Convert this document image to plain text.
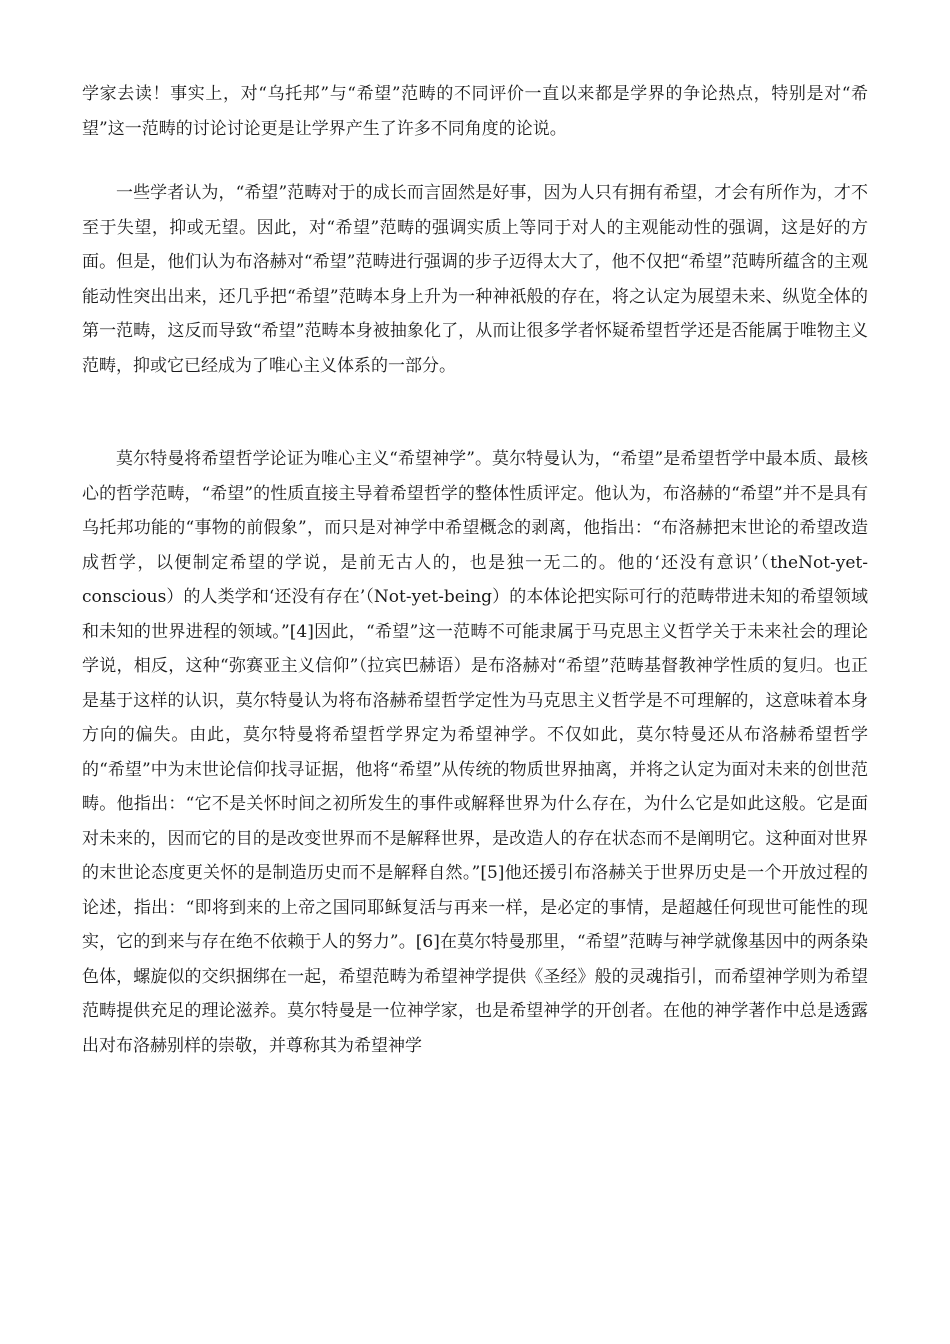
学家去读！事实上，对“乌托邦”与“希望”范畴的不同评价一直以来都是学界的争论热点，特别是对“希望”这一范畴的讨论讨论更是让学界产生了许多不同角度的论说。

一些学者认为，“希望”范畴对于的成长而言固然是好事，因为人只有拥有希望，才会有所作为，才不至于失望，抑或无望。因此，对“希望”范畴的强调实质上等同于对人的主观能动性的强调，这是好的方面。但是，他们认为布洛赫对“希望”范畴进行强调的步子迈得太大了，他不仅把“希望”范畴所蕴含的主观能动性突出出来，还几乎把“希望”范畴本身上升为一种神祇般的存在，将之认定为展望未来、纵览全体的第一范畴，这反而导致“希望”范畴本身被抽象化了，从而让很多学者怀疑希望哲学还是否能属于唯物主义范畴，抑或它已经成为了唯心主义体系的一部分。

莫尔特曼将希望哲学论证为唯心主义“希望神学”。莫尔特曼认为，“希望”是希望哲学中最本质、最核心的哲学范畴，“希望”的性质直接主导着希望哲学的整体性质评定。他认为，布洛赫的“希望”并不是具有乌托邦功能的“事物的前假象”，而只是对神学中希望概念的剥离，他指出：“布洛赫把末世论的希望改造成哲学，以便制定希望的学说，是前无古人的，也是独一无二的。他的‘还没有意识’（theNot-yet-conscious）的人类学和‘还没有存在’（Not-yet-being）的本体论把实际可行的范畴带进未知的希望领域和未知的世界进程的领域。”[4]因此，“希望”这一范畴不可能隶属于马克思主义哲学关于未来社会的理论学说，相反，这种“弥赛亚主义信仰”（拉宾巴赫语）是布洛赫对“希望”范畴基督教神学性质的复归。也正是基于这样的认识，莫尔特曼认为将布洛赫希望哲学定性为马克思主义哲学是不可理解的，这意味着本身方向的偏失。由此，莫尔特曼将希望哲学界定为希望神学。不仅如此，莫尔特曼还从布洛赫希望哲学的“希望”中为末世论信仰找寻证据，他将“希望”从传统的物质世界抽离，并将之认定为面对未来的创世范畴。他指出：“它不是关怀时间之初所发生的事件或解释世界为什么存在，为什么它是如此这般。它是面对未来的，因而它的目的是改变世界而不是解释世界，是改造人的存在状态而不是阐明它。这种面对世界的末世论态度更关怀的是制造历史而不是解释自然。”[5]他还援引布洛赫关于世界历史是一个开放过程的论述，指出：“即将到来的上帝之国同耶稣复活与再来一样，是必定的事情，是超越任何现世可能性的现实，它的到来与存在绝不依赖于人的努力”。[6]在莫尔特曼那里，“希望”范畴与神学就像基因中的两条染色体，螺旋似的交织捆绑在一起，希望范畴为希望神学提供《圣经》般的灵魂指引，而希望神学则为希望范畴提供充足的理论滋养。莫尔特曼是一位神学家，也是希望神学的开创者。在他的神学著作中总是透露出对布洛赫别样的崇敬，并尊称其为希望神学
